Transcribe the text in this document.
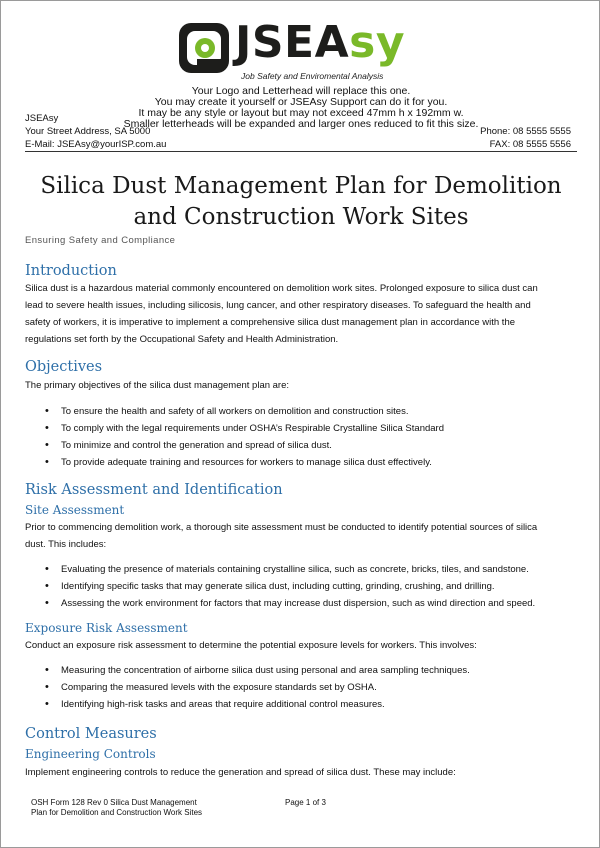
JSEAsy
Job Safety and Enviromental Analysis
Your Logo and Letterhead will replace this one.
You may create it yourself or JSEAsy Support can do it for you.
It may be any style or layout but may not exceed 47mm h x 192mm w.
Smaller letterheads will be expanded and larger ones reduced to fit this size.
JSEAsy
Your Street Address, SA 5000
E-Mail: JSEAsy@yourISP.com.au
Phone: 08 5555 5555
FAX: 08 5555 5556
Silica Dust Management Plan for Demolition
and Construction Work Sites
Ensuring Safety and Compliance
Introduction

Silica dust is a hazardous material commonly encountered on demolition work sites. Prolonged exposure to silica dust can
lead to severe health issues, including silicosis, lung cancer, and other respiratory diseases. To safeguard the health and
safety of workers, it is imperative to implement a comprehensive silica dust management plan in accordance with the
regulations set forth by the Occupational Safety and Health Administration.

Objectives

The primary objectives of the silica dust management plan are:

• To ensure the health and safety of all workers on demolition and construction sites.
• To comply with the legal requirements under OSHA’s Respirable Crystalline Silica Standard
• To minimize and control the generation and spread of silica dust.
• To provide adequate training and resources for workers to manage silica dust effectively.
Risk Assessment and Identification
Site Assessment

Prior to commencing demolition work, a thorough site assessment must be conducted to identify potential sources of silica
dust. This includes:

• Evaluating the presence of materials containing crystalline silica, such as concrete, bricks, tiles, and sandstone.
• Identifying specific tasks that may generate silica dust, including cutting, grinding, crushing, and drilling.
• Assessing the work environment for factors that may increase dust dispersion, such as wind direction and speed.
Exposure Risk Assessment

Conduct an exposure risk assessment to determine the potential exposure levels for workers. This involves:

• Measuring the concentration of airborne silica dust using personal and area sampling techniques.
• Comparing the measured levels with the exposure standards set by OSHA.
• Identifying high-risk tasks and areas that require additional control measures.
Control Measures
Engineering Controls

Implement engineering controls to reduce the generation and spread of silica dust. These may include:

OSH Form 128 Rev 0 Silica Dust Management
Plan for Demolition and Construction Work Sites
Page 1 of 3
